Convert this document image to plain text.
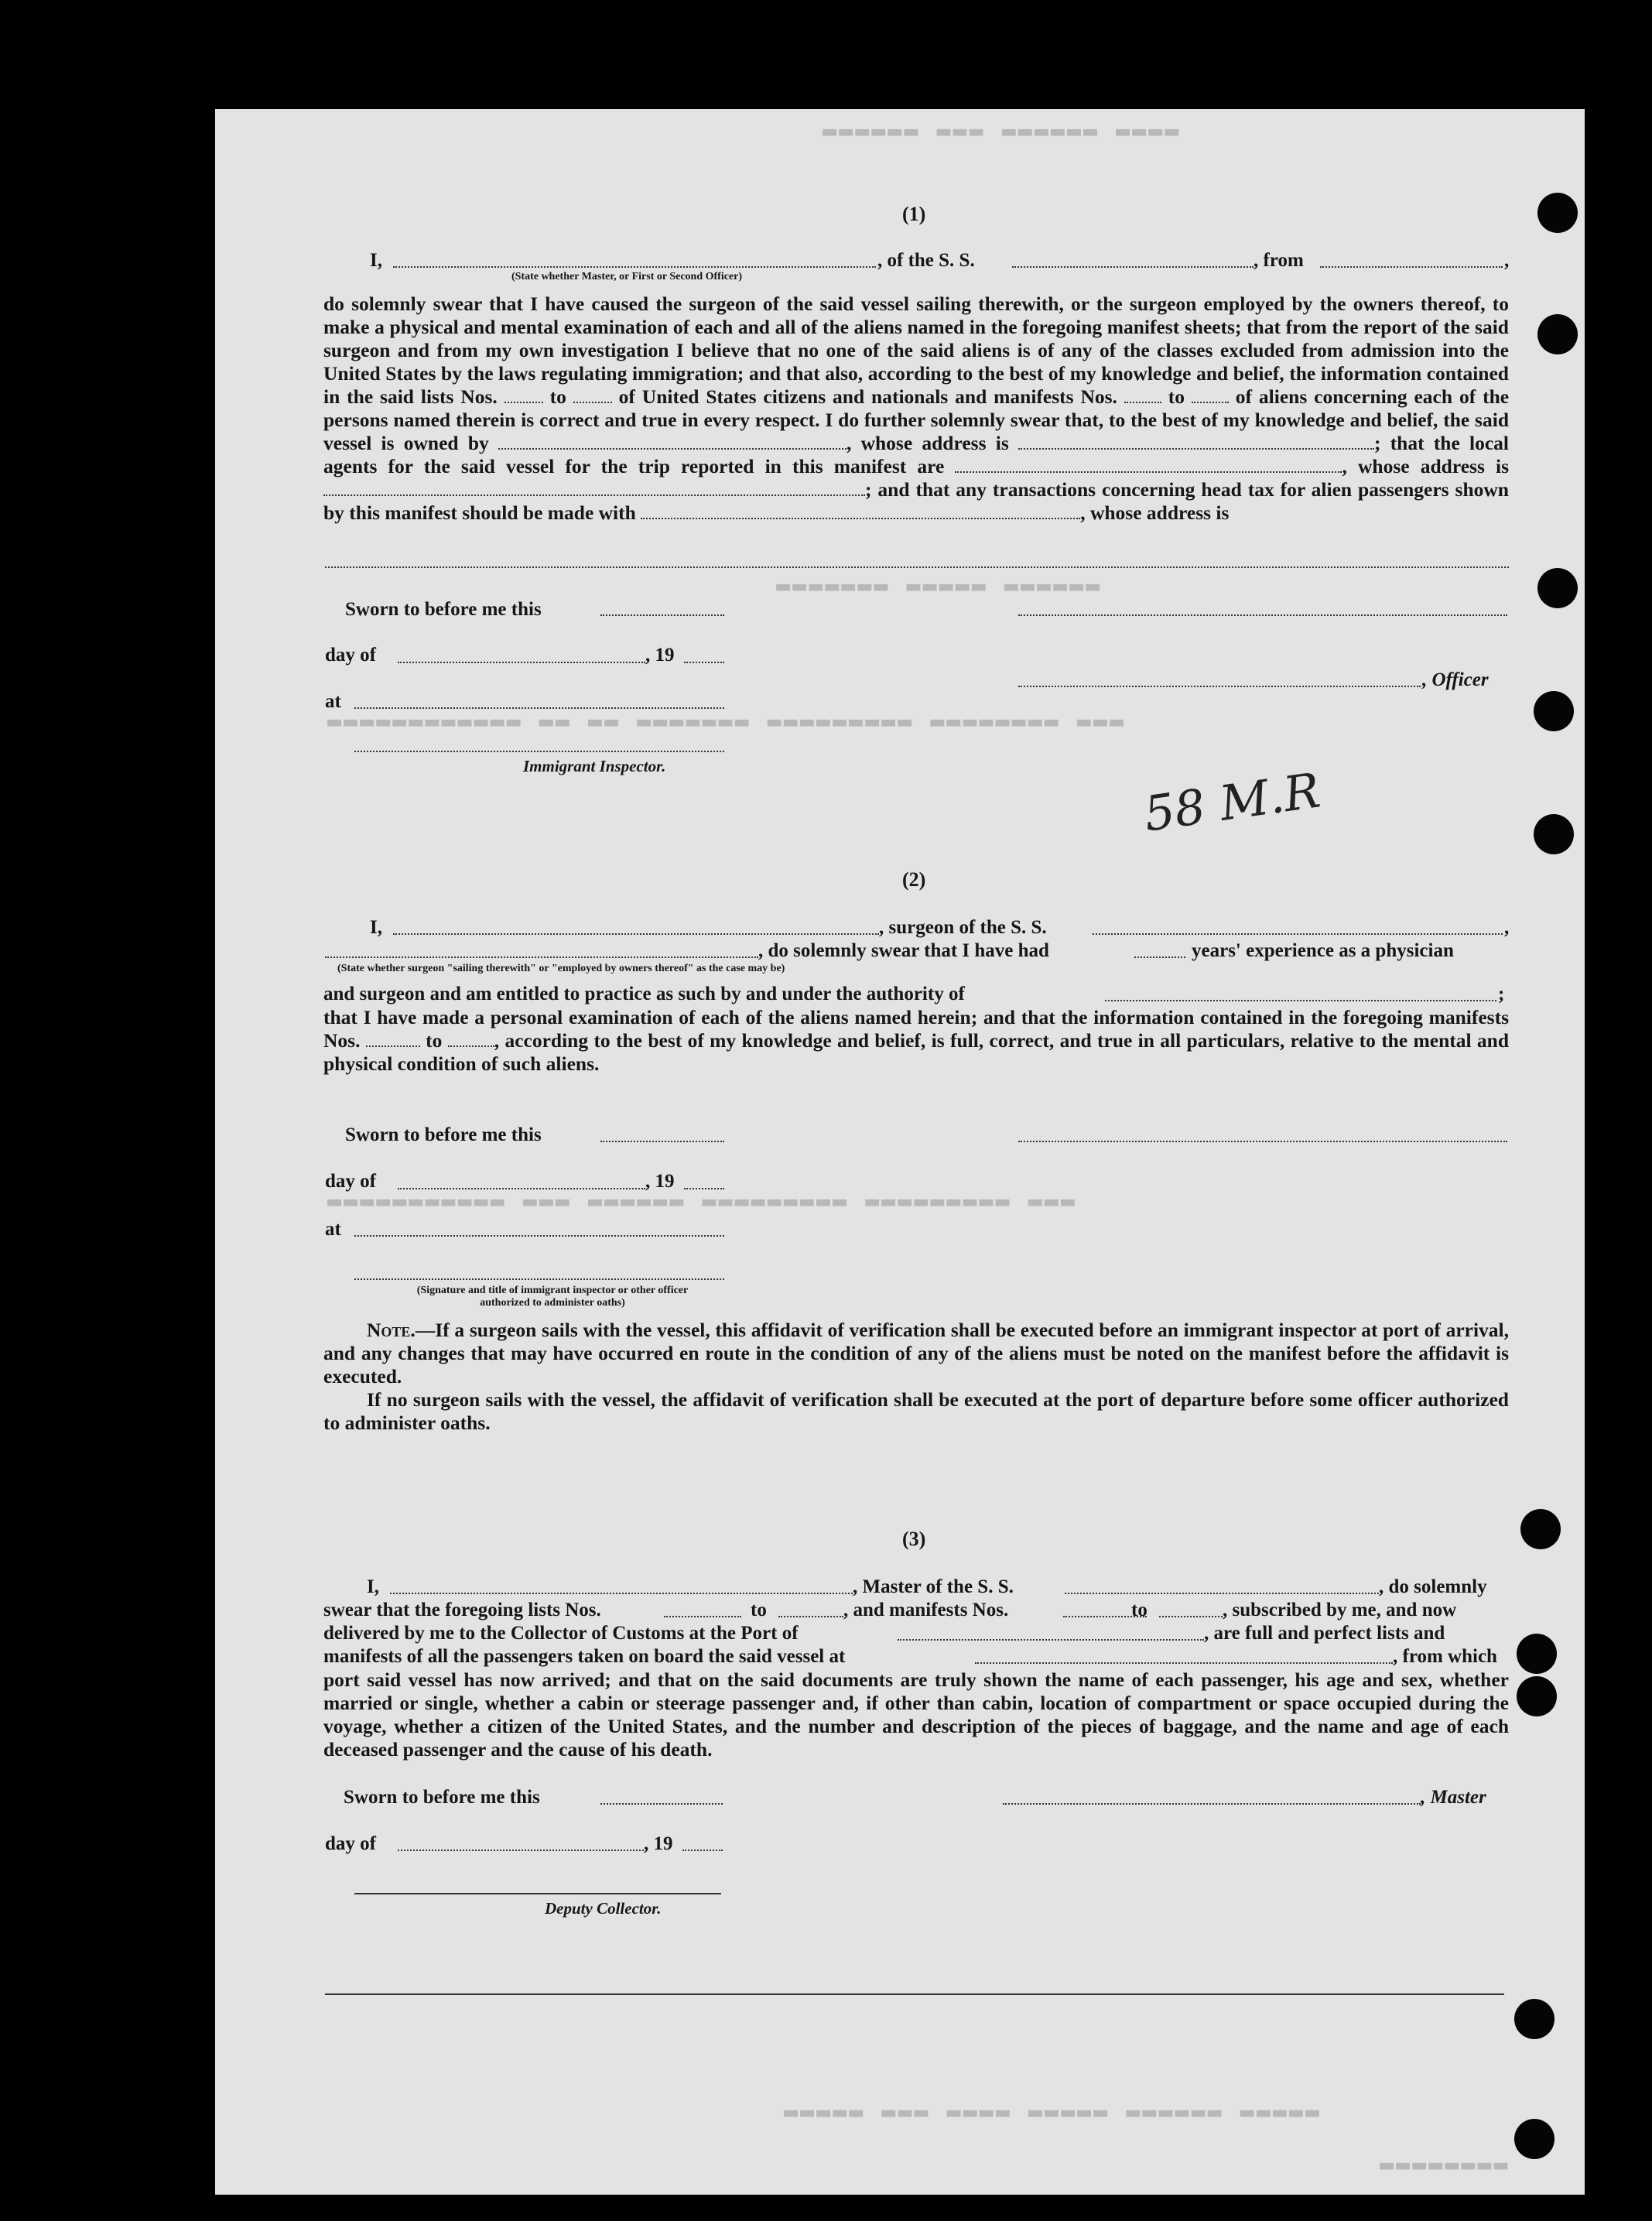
▬▬▬▬ ▬▬▬▬▬▬ ▬▬▬ ▬▬▬▬▬▬
▬▬▬▬▬▬ ▬▬▬▬▬ ▬▬▬▬▬▬▬
▬▬▬ ▬▬▬▬▬▬▬▬ ▬▬▬▬▬▬▬▬▬ ▬▬▬▬▬▬▬ ▬▬ ▬▬ ▬▬▬▬▬▬▬▬▬▬▬▬
▬▬▬ ▬▬▬▬▬▬▬▬▬ ▬▬▬▬▬▬▬▬▬ ▬▬▬▬▬▬ ▬▬▬ ▬▬▬▬▬▬▬▬▬▬▬
▬▬▬▬▬ ▬▬▬▬▬▬ ▬▬▬▬▬ ▬▬▬▬ ▬▬▬ ▬▬▬▬▬
▬▬▬▬▬▬▬▬
(1)
I,	, of the S. S.	, from	,
(State whether Master, or First or Second Officer)
do solemnly swear that I have caused the surgeon of the said vessel sailing therewith, or the surgeon employed by the owners thereof, to make a physical and mental examination of each and all of the aliens named in the foregoing manifest sheets; that from the report of the said surgeon and from my own investigation I believe that no one of the said aliens is of any of the classes excluded from admission into the United States by the laws regulating immigration; and that also, according to the best of my knowledge and belief, the information contained in the said lists Nos.	to	of United States citizens and nationals and manifests Nos.	to	of aliens concerning each of the persons named therein is correct and true in every respect. I do further solemnly swear that, to the best of my knowledge and belief, the said vessel is owned by	, whose address is	; that the local agents for the said vessel for the trip reported in this manifest are	, whose address is ; and that any transactions concerning head tax for alien passengers shown by this manifest should be made with	, whose address is
Sworn to before me this
day of	, 19
, Officer
at
Immigrant Inspector.	58 M.R
(2)
I,	, surgeon of the S. S.	,
, do solemnly swear that I have had	years' experience as a physician
(State whether surgeon "sailing therewith" or "employed by owners thereof" as the case may be)
and surgeon and am entitled to practice as such by and under the authority of	;
that I have made a personal examination of each of the aliens named herein; and that the information contained in the foregoing manifests Nos.	to	, according to the best of my knowledge and belief, is full, correct, and true in all particulars, relative to the mental and physical condition of such aliens.
Sworn to before me this
day of	, 19
at
(Signature and title of immigrant inspector or other officer authorized to administer oaths)
Note.—If a surgeon sails with the vessel, this affidavit of verification shall be executed before an immigrant inspector at port of arrival, and any changes that may have occurred en route in the condition of any of the aliens must be noted on the manifest before the affidavit is executed.
If no surgeon sails with the vessel, the affidavit of verification shall be executed at the port of departure before some officer authorized to administer oaths.
(3)
I,	, Master of the S. S.	, do solemnly
swear that the foregoing lists Nos.	to	, and manifests Nos.	to	, subscribed by me, and now
delivered by me to the Collector of Customs at the Port of	, are full and perfect lists and
manifests of all the passengers taken on board the said vessel at	, from which
port said vessel has now arrived; and that on the said documents are truly shown the name of each passenger, his age and sex, whether married or single, whether a cabin or steerage passenger and, if other than cabin, location of compartment or space occupied during the voyage, whether a citizen of the United States, and the number and description of the pieces of baggage, and the name and age of each deceased passenger and the cause of his death.
Sworn to before me this	, Master
day of	, 19
Deputy Collector.
